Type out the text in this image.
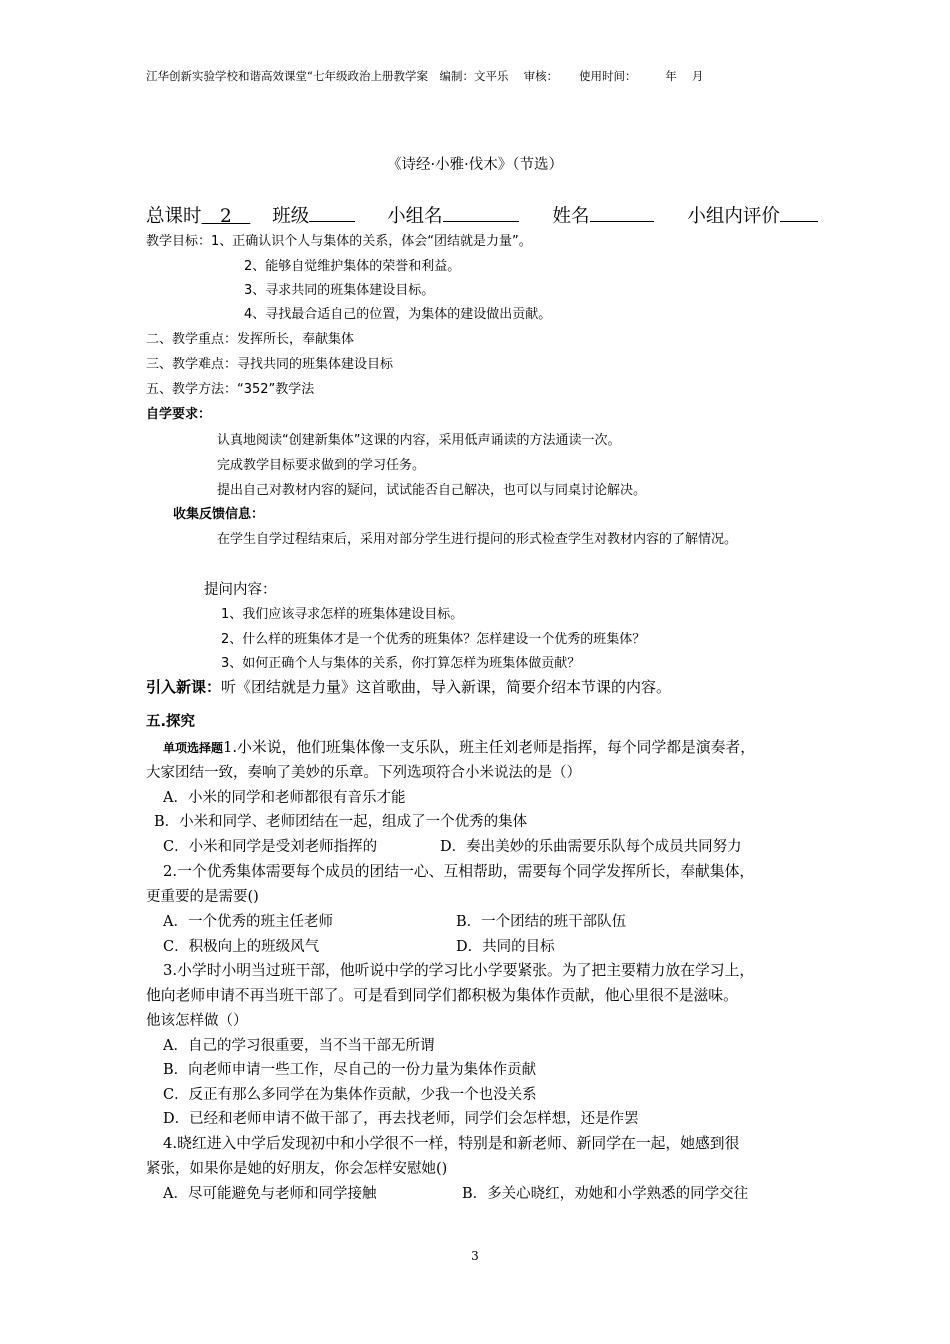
江华创新实验学校和谐高效课堂“七年级政治上册教学案　编制：文平乐　 审核：　　 使用时间：　　　年　 月
《诗经·小雅·伐木》（节选）
总课时　2　 班级	小组名	姓名	小组内评价
教学目标：1、正确认识个人与集体的关系，体会“团结就是力量”。
2、能够自觉维护集体的荣誉和利益。
3、寻求共同的班集体建设目标。
4、寻找最合适自己的位置，为集体的建设做出贡献。
二、教学重点：发挥所长，奉献集体
三、教学难点：寻找共同的班集体建设目标
五、教学方法：“352”教学法
自学要求：
认真地阅读“创建新集体”这课的内容，采用低声诵读的方法通读一次。
完成教学目标要求做到的学习任务。
提出自己对教材内容的疑问，试试能否自己解决，也可以与同桌讨论解决。
收集反馈信息：
在学生自学过程结束后，采用对部分学生进行提问的形式检查学生对教材内容的了解情况。
提问内容：
1、我们应该寻求怎样的班集体建设目标。
2、什么样的班集体才是一个优秀的班集体？怎样建设一个优秀的班集体？
3、如何正确个人与集体的关系，你打算怎样为班集体做贡献？
引入新课：听《团结就是力量》这首歌曲，导入新课，简要介绍本节课的内容。
五.探究
单项选择题1.小米说，他们班集体像一支乐队，班主任刘老师是指挥，每个同学都是演奏者，
大家团结一致，奏响了美妙的乐章。下列选项符合小米说法的是（）
A．小米的同学和老师都很有音乐才能
B．小米和同学、老师团结在一起，组成了一个优秀的集体
C．小米和同学是受刘老师指挥的	D．奏出美妙的乐曲需要乐队每个成员共同努力
2.一个优秀集体需要每个成员的团结一心、互相帮助，需要每个同学发挥所长，奉献集体，
更重要的是需要()
A．一个优秀的班主任老师	B．一个团结的班干部队伍
C．积极向上的班级风气	D．共同的目标
3.小学时小明当过班干部，他听说中学的学习比小学要紧张。为了把主要精力放在学习上，
他向老师申请不再当班干部了。可是看到同学们都积极为集体作贡献，他心里很不是滋味。
他该怎样做（）
A．自己的学习很重要，当不当干部无所谓
B．向老师申请一些工作，尽自己的一份力量为集体作贡献
C．反正有那么多同学在为集体作贡献，少我一个也没关系
D．已经和老师申请不做干部了，再去找老师，同学们会怎样想，还是作罢
4.晓红进入中学后发现初中和小学很不一样，特别是和新老师、新同学在一起，她感到很
紧张，如果你是她的好朋友，你会怎样安慰她()
A．尽可能避免与老师和同学接触	B．多关心晓红，劝她和小学熟悉的同学交往
3
